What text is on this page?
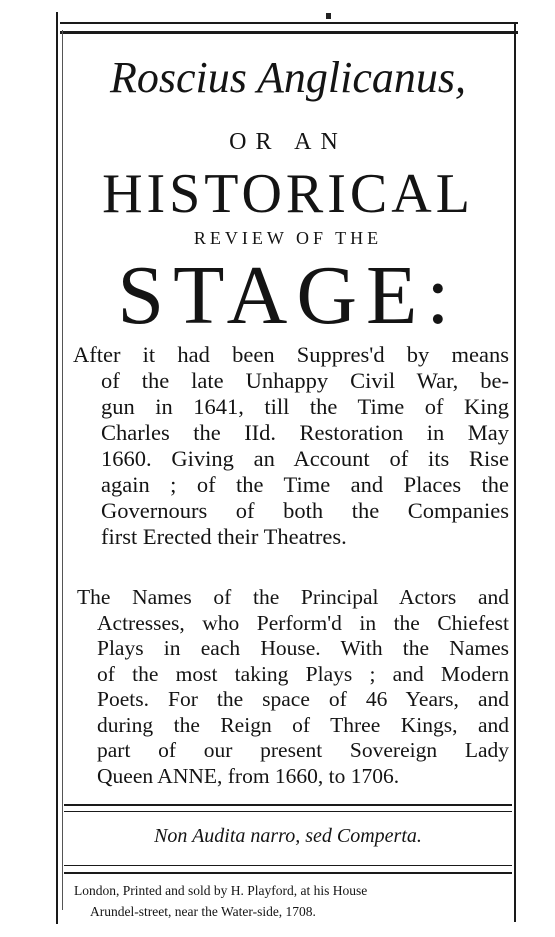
Roscius Anglicanus,
OR AN
HISTORICAL
REVIEW OF THE
STAGE:
After it had been Suppres'd by means
of the late Unhappy Civil War, be-
gun in 1641, till the Time of King
Charles the IId. Restoration in May
1660. Giving an Account of its Rise
again ; of the Time and Places the
Governours of both the Companies
first Erected their Theatres.
The Names of the Principal Actors and
Actresses, who Perform'd in the Chiefest
Plays in each House. With the Names
of the most taking Plays ; and Modern
Poets. For the space of 46 Years, and
during the Reign of Three Kings, and
part of our present Sovereign Lady
Queen ANNE, from 1660, to 1706.
Non Audita narro, sed Comperta.
London, Printed and sold by H. Playford, at his House
Arundel-street, near the Water-side, 1708.
